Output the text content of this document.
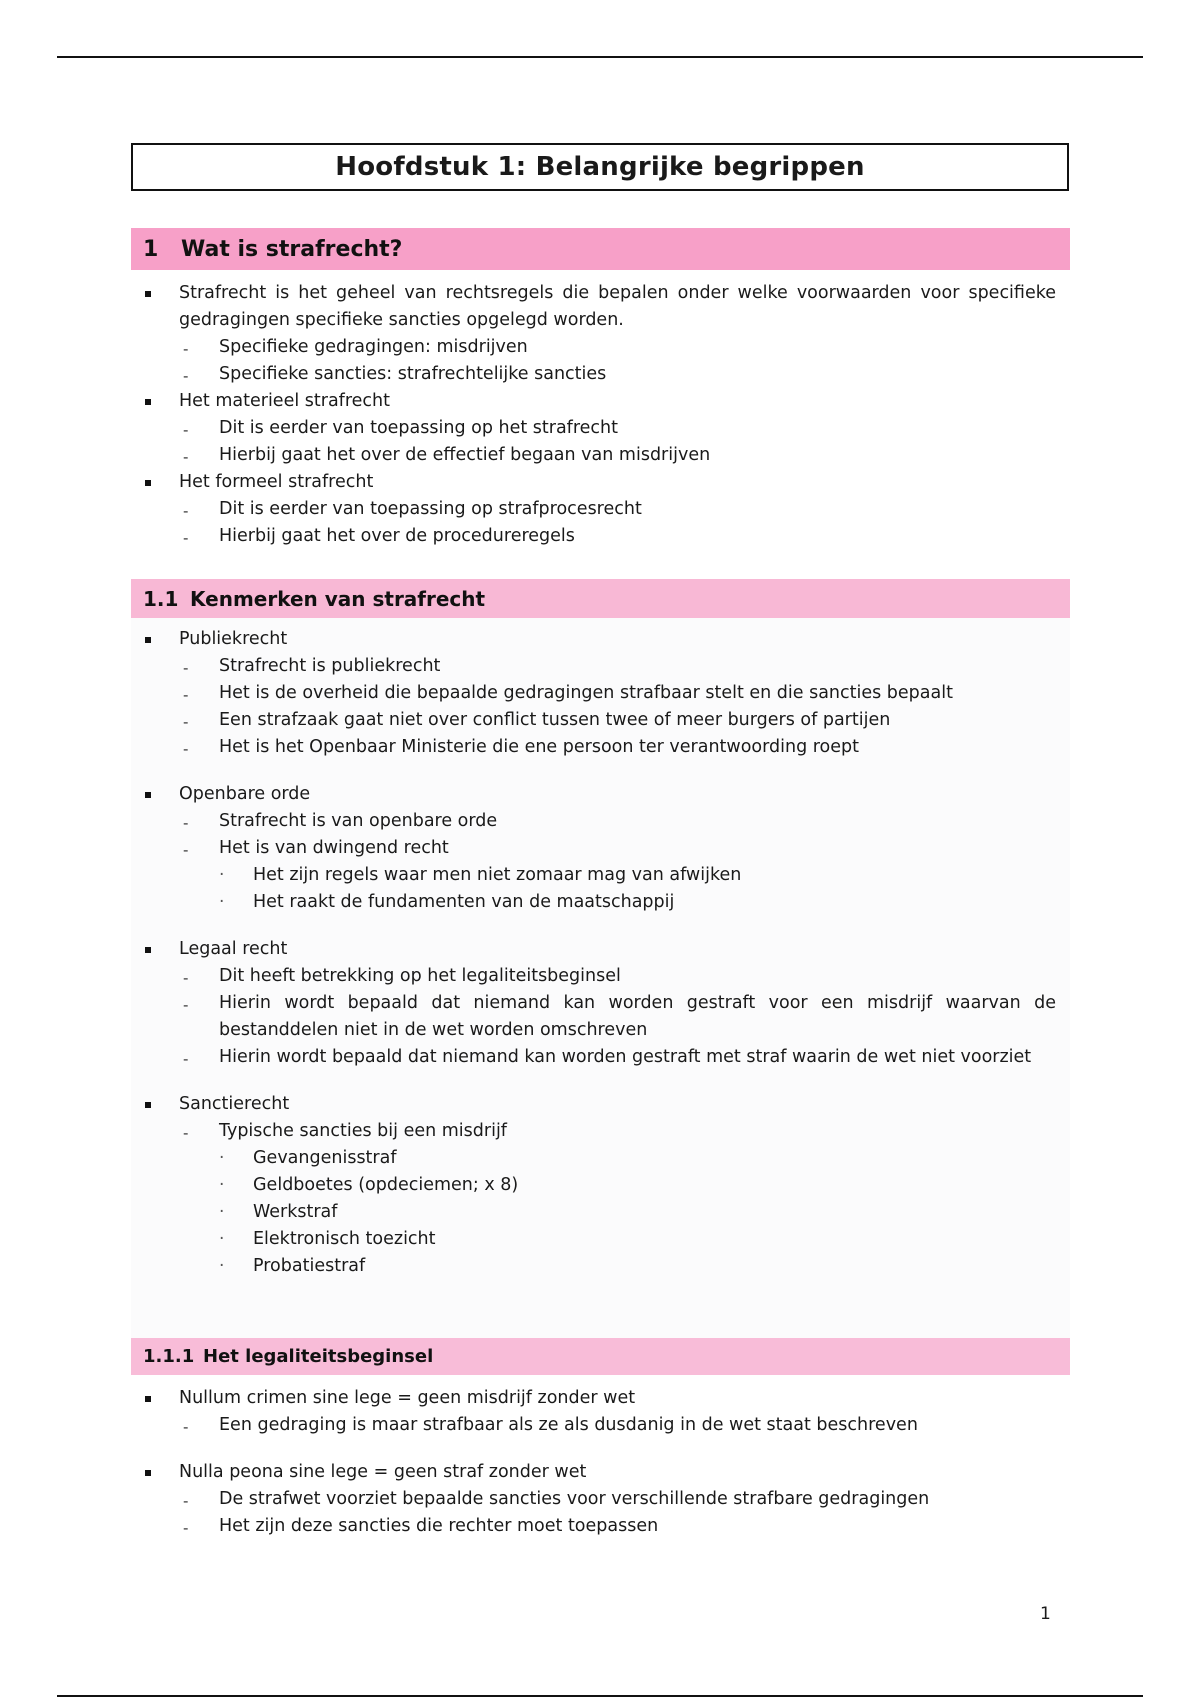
Hoofdstuk 1: Belangrijke begrippen
1	Wat is strafrecht?
Strafrecht is het geheel van rechtsregels die bepalen onder welke voorwaarden voor specifieke gedragingen specifieke sancties opgelegd worden.
- Specifieke gedragingen: misdrijven
- Specifieke sancties: strafrechtelijke sancties
Het materieel strafrecht
- Dit is eerder van toepassing op het strafrecht
- Hierbij gaat het over de effectief begaan van misdrijven
Het formeel strafrecht
- Dit is eerder van toepassing op strafprocesrecht
- Hierbij gaat het over de procedureregels
1.1 Kenmerken van strafrecht
Publiekrecht
- Strafrecht is publiekrecht
- Het is de overheid die bepaalde gedragingen strafbaar stelt en die sancties bepaalt
- Een strafzaak gaat niet over conflict tussen twee of meer burgers of partijen
- Het is het Openbaar Ministerie die ene persoon ter verantwoording roept
Openbare orde
- Strafrecht is van openbare orde
- Het is van dwingend recht
· Het zijn regels waar men niet zomaar mag van afwijken
· Het raakt de fundamenten van de maatschappij
Legaal recht
- Dit heeft betrekking op het legaliteitsbeginsel
- Hierin wordt bepaald dat niemand kan worden gestraft voor een misdrijf waarvan de bestanddelen niet in de wet worden omschreven
- Hierin wordt bepaald dat niemand kan worden gestraft met straf waarin de wet niet voorziet
Sanctierecht
- Typische sancties bij een misdrijf
· Gevangenisstraf
· Geldboetes (opdeciemen; x 8)
· Werkstraf
· Elektronisch toezicht
· Probatiestraf
1.1.1 Het legaliteitsbeginsel
Nullum crimen sine lege = geen misdrijf zonder wet
- Een gedraging is maar strafbaar als ze als dusdanig in de wet staat beschreven
Nulla peona sine lege = geen straf zonder wet
- De strafwet voorziet bepaalde sancties voor verschillende strafbare gedragingen
- Het zijn deze sancties die rechter moet toepassen
1
